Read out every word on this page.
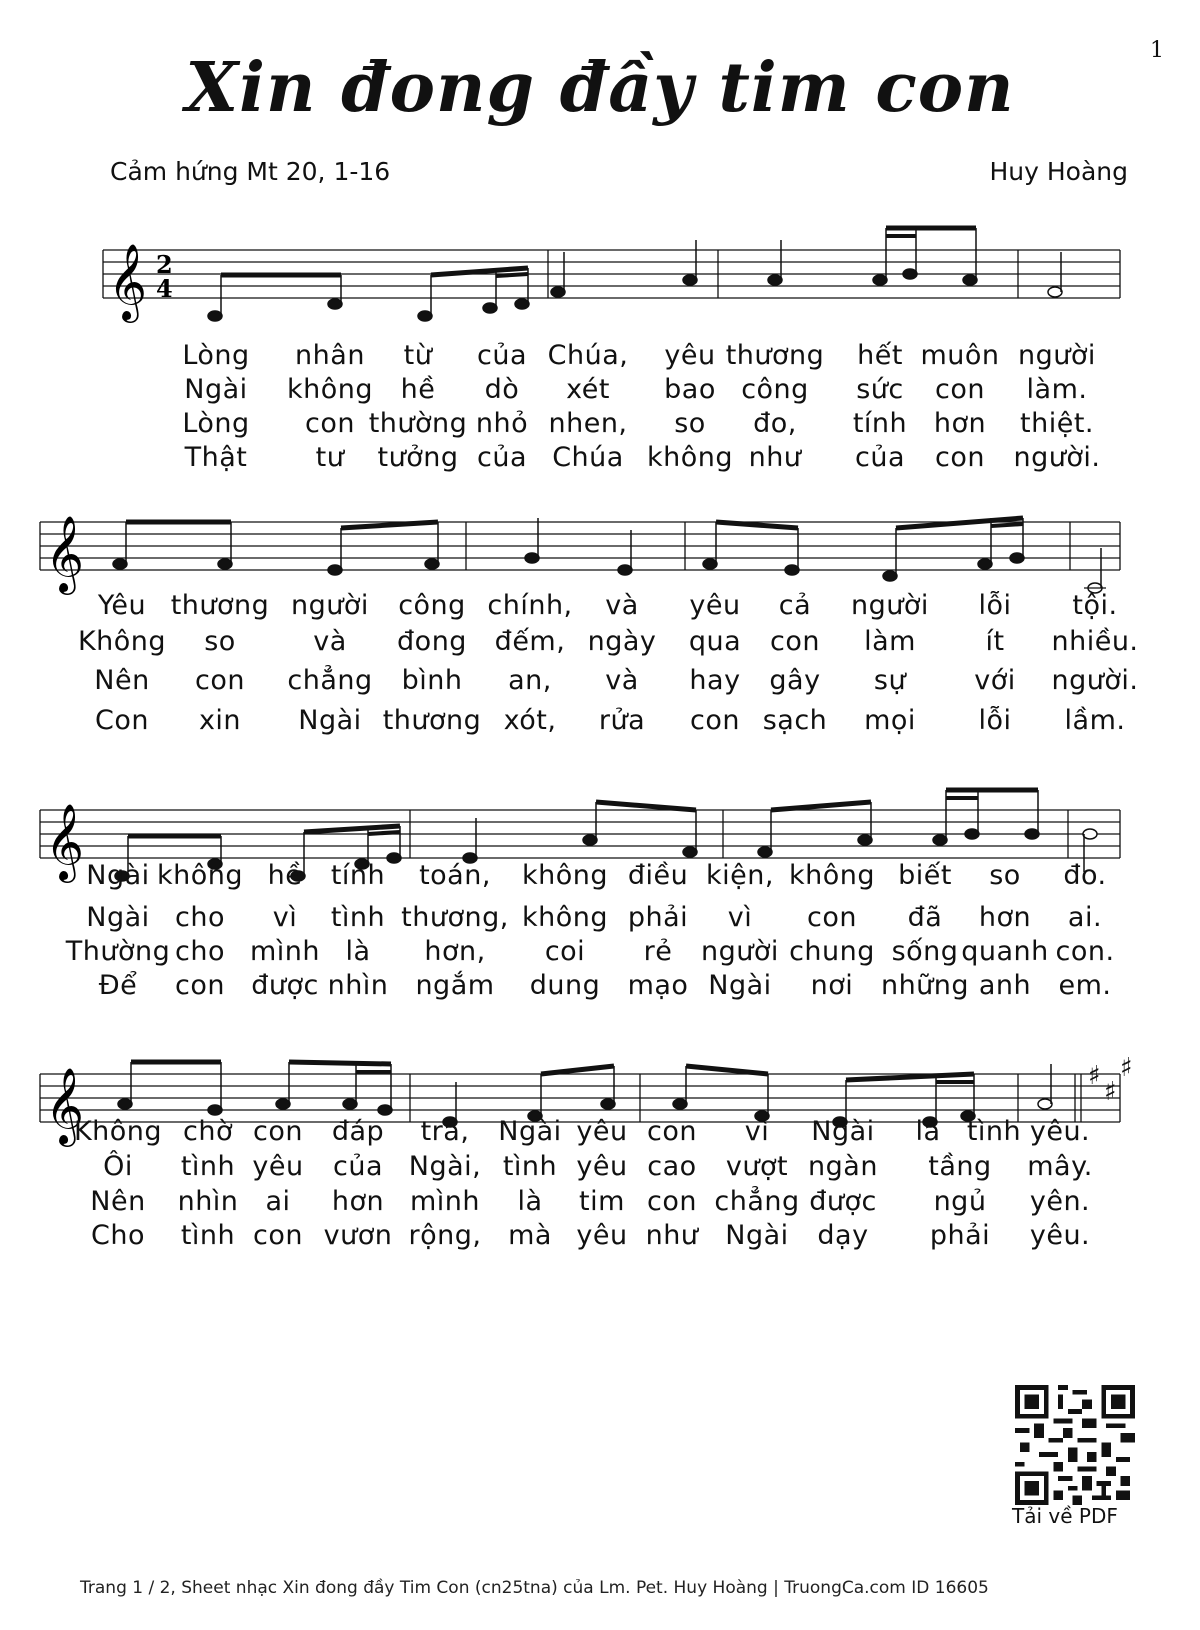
1
Xin đong đầy tim con
Cảm hứng Mt 20, 1-16	Huy Hoàng
𝄞 2
4
Lòng nhân từ của Chúa, yêu thương hết muôn người
Ngài không hề dò xét bao công sức con làm.
Lòng con thường nhỏ nhen, so đo, tính hơn thiệt.
Thật	tư tưởng của Chúa không như của con người.
𝄞
Yêu thương người công chính, và yêu cả người lỗi tội.
Không so	và đong đếm, ngày qua con làm	ít nhiều.
Nên con chẳng bình an, và hay gây sự	với người.
Con xin Ngài thương xót, rửa con sạch mọi lỗi lầm.
𝄞 Ngài không hề tính toán, không điều kiện, không biết so đo.
Ngài cho vì tình thương, không phải vì con đã hơn ai.
Thường cho mình là hơn, coi rẻ người chung sống quanh con.
Để con được nhìn ngắm dung mạo Ngài nơi những anh em.
𝄞	♯
♯
♯
Không chờ con đáp trả, Ngài yêu con vì Ngài là tình yêu.
Ôi tình yêu của Ngài, tình yêu cao vượt ngàn tầng mây.
Nên nhìn ai hơn mình là tim con chẳng được ngủ yên.
Cho tình con vươn rộng, mà yêu như Ngài dạy phải yêu.
Tải về PDF
Trang 1 / 2, Sheet nhạc Xin đong đầy Tim Con (cn25tna) của Lm. Pet. Huy Hoàng | TruongCa.com ID 16605
